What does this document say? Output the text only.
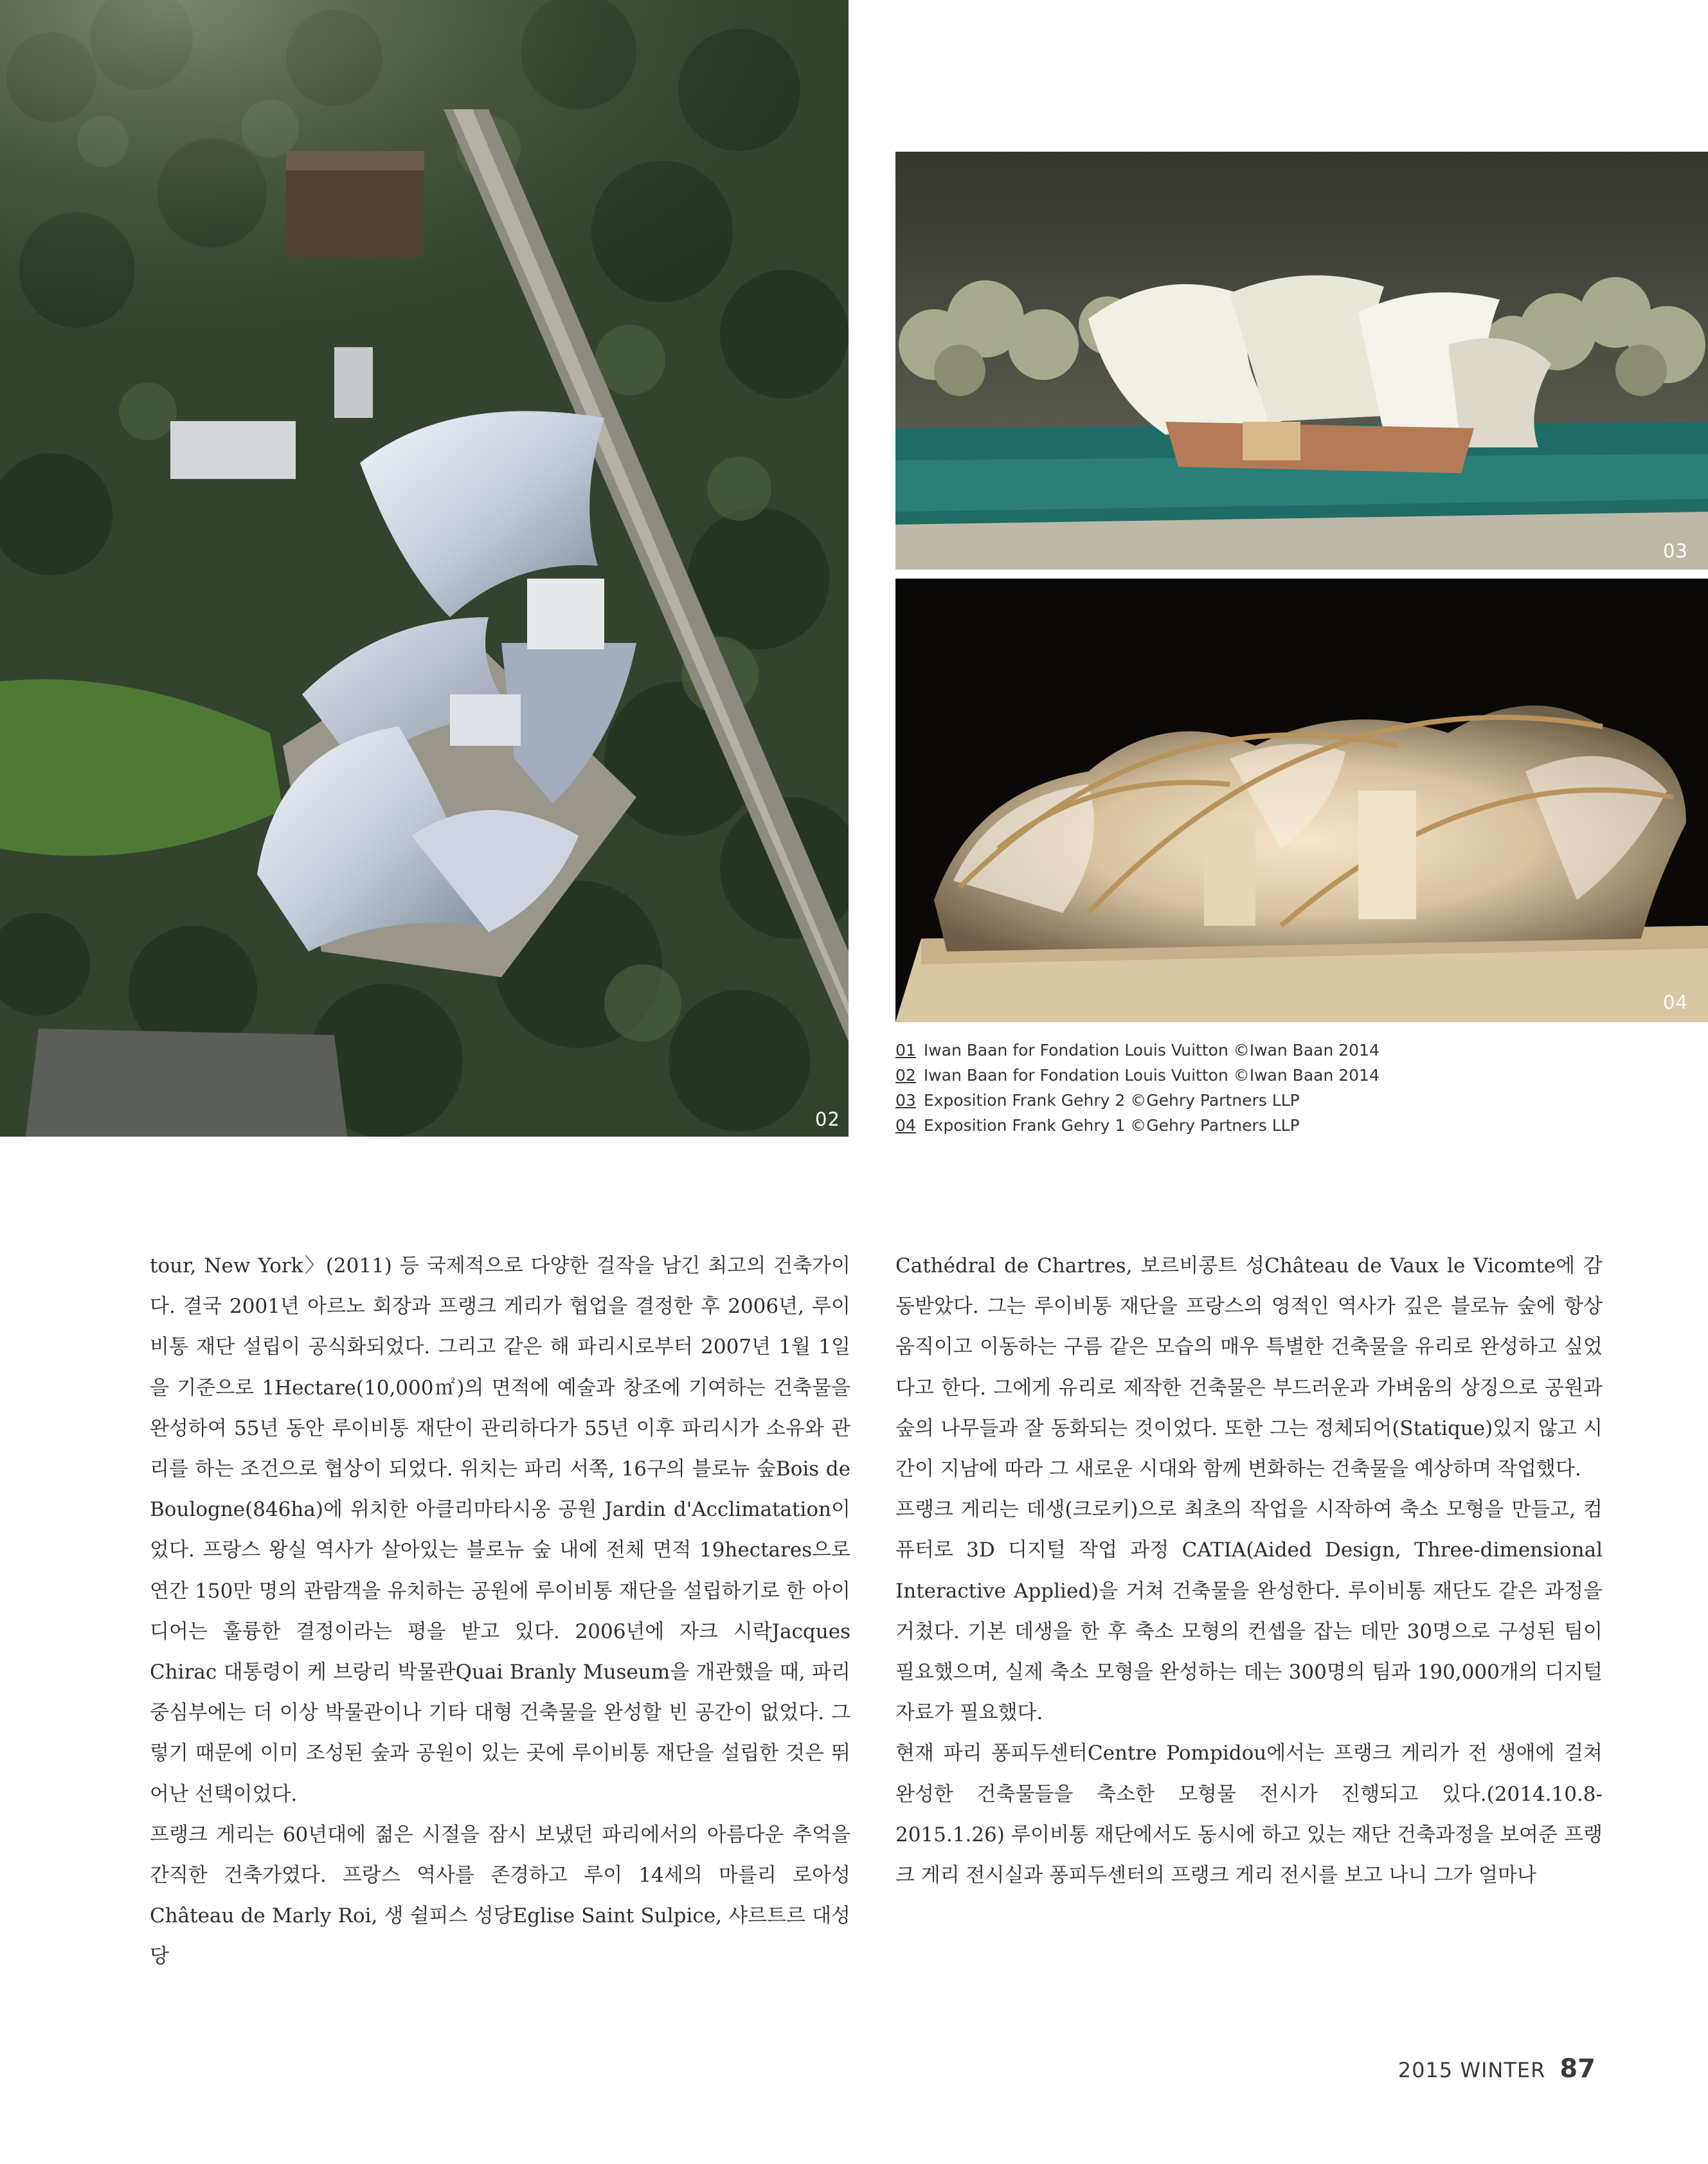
02
03
04
01 Iwan Baan for Fondation Louis Vuitton ©Iwan Baan 2014
02 Iwan Baan for Fondation Louis Vuitton ©Iwan Baan 2014
03 Exposition Frank Gehry 2 ©Gehry Partners LLP
04 Exposition Frank Gehry 1 ©Gehry Partners LLP

tour, New York〉(2011) 등 국제적으로 다양한 걸작을 남긴 최고의 건축가이다. 결국 2001년 아르노 회장과 프랭크 게리가 협업을 결정한 후 2006년, 루이비통 재단 설립이 공식화되었다. 그리고 같은 해 파리시로부터 2007년 1월 1일을 기준으로 1Hectare(10,000㎡)의 면적에 예술과 창조에 기여하는 건축물을 완성하여 55년 동안 루이비통 재단이 관리하다가 55년 이후 파리시가 소유와 관리를 하는 조건으로 협상이 되었다. 위치는 파리 서쪽, 16구의 블로뉴 숲Bois de Boulogne(846ha)에 위치한 아클리마타시옹 공원 Jardin d'Acclimatation이었다. 프랑스 왕실 역사가 살아있는 블로뉴 숲 내에 전체 면적 19hectares으로 연간 150만 명의 관람객을 유치하는 공원에 루이비통 재단을 설립하기로 한 아이디어는 훌륭한 결정이라는 평을 받고 있다. 2006년에 자크 시락Jacques Chirac 대통령이 케 브랑리 박물관Quai Branly Museum을 개관했을 때, 파리 중심부에는 더 이상 박물관이나 기타 대형 건축물을 완성할 빈 공간이 없었다. 그렇기 때문에 이미 조성된 숲과 공원이 있는 곳에 루이비통 재단을 설립한 것은 뛰어난 선택이었다.

프랭크 게리는 60년대에 젊은 시절을 잠시 보냈던 파리에서의 아름다운 추억을 간직한 건축가였다. 프랑스 역사를 존경하고 루이 14세의 마를리 로아성Château de Marly Roi, 생 쉴피스 성당Eglise Saint Sulpice, 샤르트르 대성당

Cathédral de Chartres, 보르비콩트 성Château de Vaux le Vicomte에 감동받았다. 그는 루이비통 재단을 프랑스의 영적인 역사가 깊은 블로뉴 숲에 항상 움직이고 이동하는 구름 같은 모습의 매우 특별한 건축물을 유리로 완성하고 싶었다고 한다. 그에게 유리로 제작한 건축물은 부드러운과 가벼움의 상징으로 공원과 숲의 나무들과 잘 동화되는 것이었다. 또한 그는 정체되어(Statique)있지 않고 시간이 지남에 따라 그 새로운 시대와 함께 변화하는 건축물을 예상하며 작업했다.

프랭크 게리는 데생(크로키)으로 최초의 작업을 시작하여 축소 모형을 만들고, 컴퓨터로 3D 디지털 작업 과정 CATIA(Aided Design, Three-dimensional Interactive Applied)을 거쳐 건축물을 완성한다. 루이비통 재단도 같은 과정을 거쳤다. 기본 데생을 한 후 축소 모형의 컨셉을 잡는 데만 30명으로 구성된 팀이 필요했으며, 실제 축소 모형을 완성하는 데는 300명의 팀과 190,000개의 디지털 자료가 필요했다.

현재 파리 퐁피두센터Centre Pompidou에서는 프랭크 게리가 전 생애에 걸쳐 완성한 건축물들을 축소한 모형물 전시가 진행되고 있다.(2014.10.8-2015.1.26) 루이비통 재단에서도 동시에 하고 있는 재단 건축과정을 보여준 프랭크 게리 전시실과 퐁피두센터의 프랭크 게리 전시를 보고 나니 그가 얼마나

2015 WINTER 87
